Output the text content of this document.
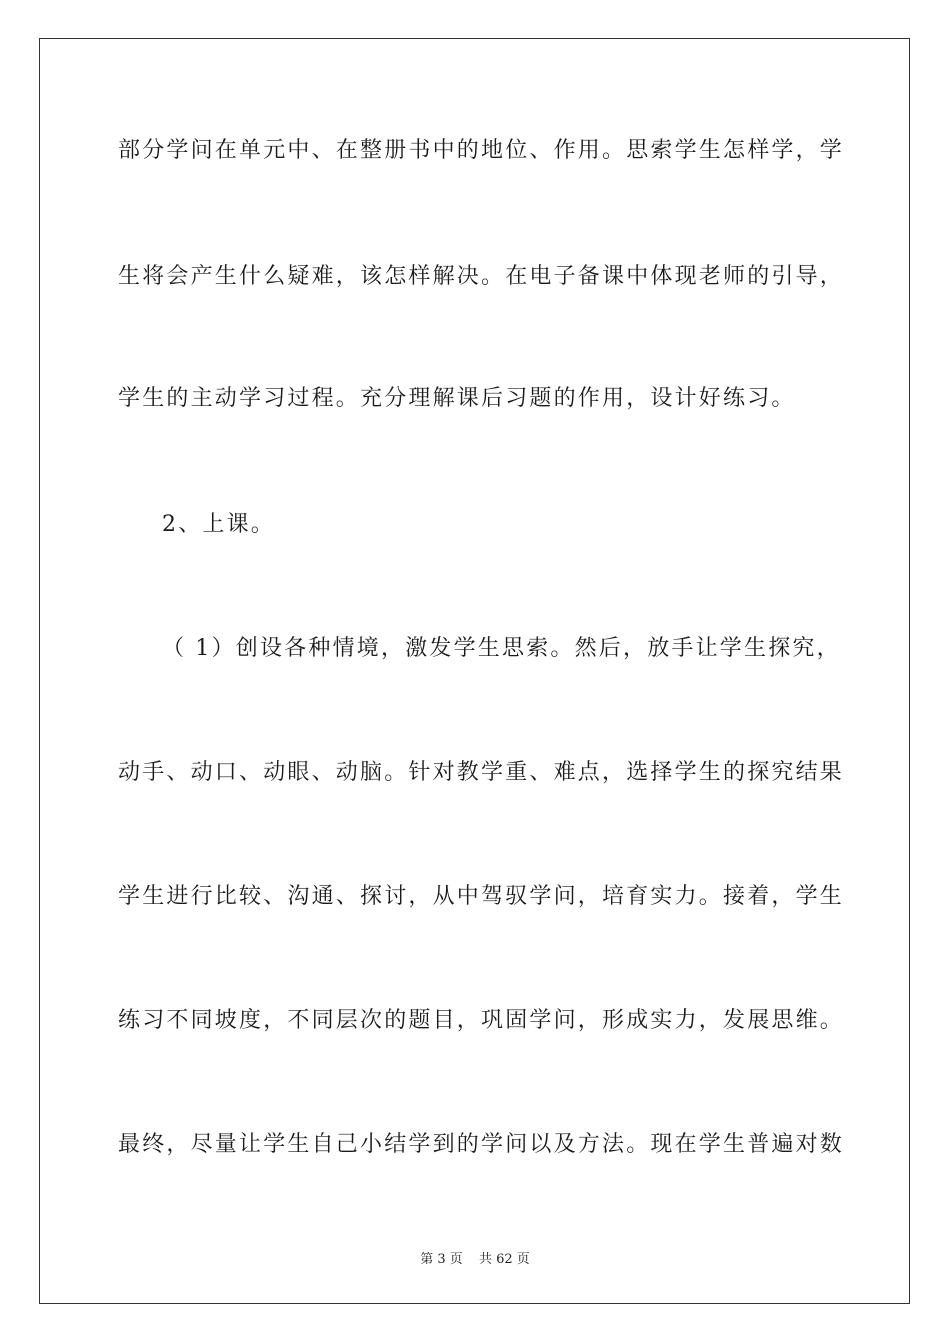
部分学问在单元中、在整册书中的地位、作用。思索学生怎样学，学
生将会产生什么疑难，该怎样解决。在电子备课中体现老师的引导，
学生的主动学习过程。充分理解课后习题的作用，设计好练习。
2、上课。
（ 1）创设各种情境，激发学生思索。然后，放手让学生探究，
动手、动口、动眼、动脑。针对教学重、难点，选择学生的探究结果
学生进行比较、沟通、探讨，从中驾驭学问，培育实力。接着，学生
练习不同坡度，不同层次的题目，巩固学问，形成实力，发展思维。
最终，尽量让学生自己小结学到的学问以及方法。现在学生普遍对数
第 3 页 共 62 页
